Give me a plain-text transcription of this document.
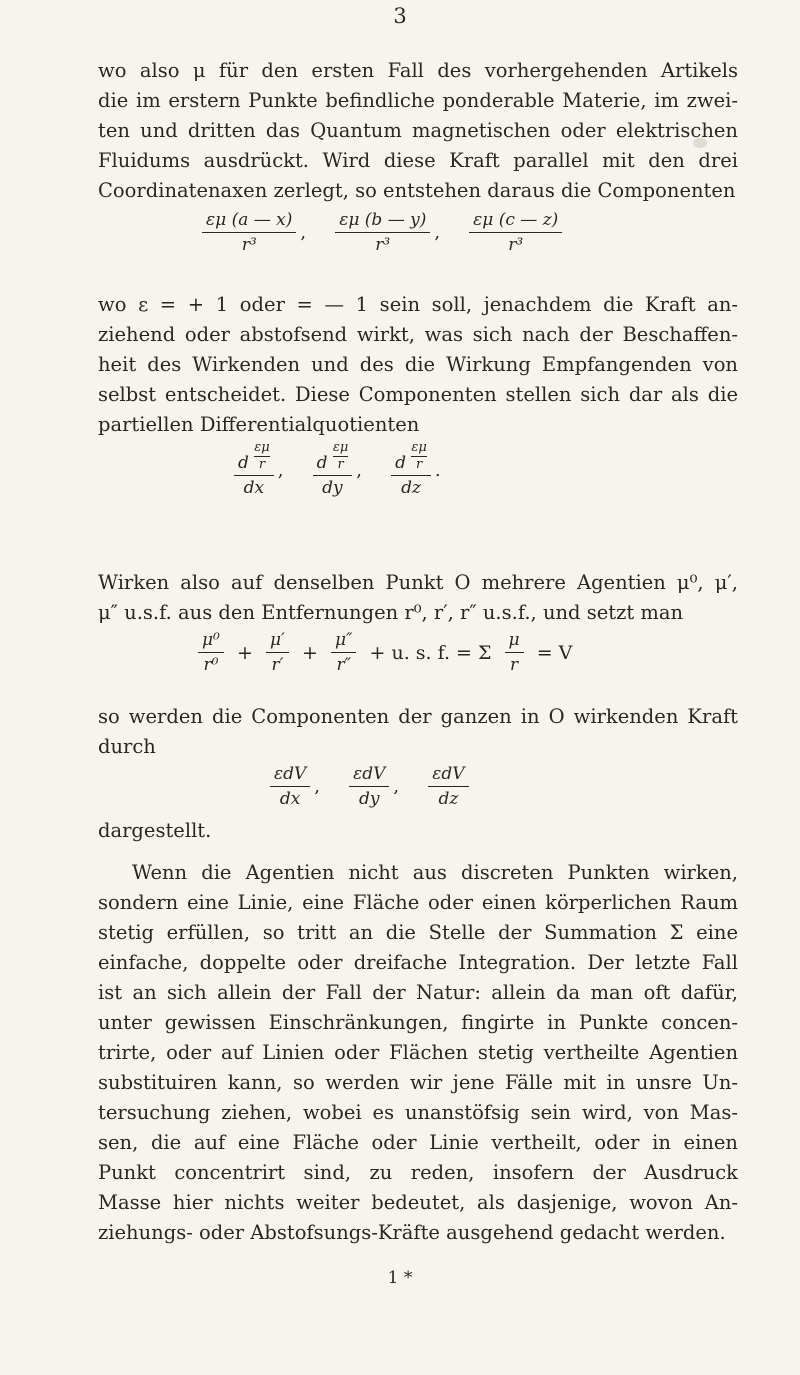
3
wo also μ für den ersten Fall des vorhergehenden Artikels
die im erstern Punkte befindliche ponderable Materie, im zwei-
ten und dritten das Quantum magnetischen oder elektrischen
Fluidums ausdrückt. Wird diese Kraft parallel mit den drei
Coordinatenaxen zerlegt, so entstehen daraus die Componenten
$\frac{\varepsilon\mu (a — x)}{\text{r³}}$ , $\frac{\varepsilon\mu (b — y)}{\text{r³}}$ , $\frac{\varepsilon\mu (c — z)}{\text{r³}}$
wo ε = + 1 oder = — 1 sein soll, jenachdem die Kraft an-
ziehend oder abstofsend wirkt, was sich nach der Beschaffen-
heit des Wirkenden und des die Wirkung Empfangenden von
selbst entscheidet. Diese Componenten stellen sich dar als die
partiellen Differentialquotienten
$\frac{d \frac{\varepsilon\mu}{r}}{dx}$ , $\frac{d \frac{\varepsilon\mu}{r}}{dy}$ , $\frac{d \frac{\varepsilon\mu}{r}}{dz}$ .
Wirken also auf denselben Punkt O mehrere Agentien μ⁰, μ′,
μ″ u.s.f. aus den Entfernungen r⁰, r′, r″ u.s.f., und setzt man
$\frac{\text{μ⁰}}{\text{r⁰}} + \frac{\mu'}{r'} + \frac{\mu''}{r''} + u$. s. f. = Σ $\frac{\mu}{r} = V$
so werden die Componenten der ganzen in O wirkenden Kraft
durch
$\frac{\text{εdV}}{dx}$ , $\frac{\text{εdV}}{dy}$ , $\frac{\text{εdV}}{dz}$
dargestellt.
Wenn die Agentien nicht aus discreten Punkten wirken,
sondern eine Linie, eine Fläche oder einen körperlichen Raum
stetig erfüllen, so tritt an die Stelle der Summation Σ eine
einfache, doppelte oder dreifache Integration. Der letzte Fall
ist an sich allein der Fall der Natur: allein da man oft dafür,
unter gewissen Einschränkungen, fingirte in Punkte concen-
trirte, oder auf Linien oder Flächen stetig vertheilte Agentien
substituiren kann, so werden wir jene Fälle mit in unsre Un-
tersuchung ziehen, wobei es unanstöfsig sein wird, von Mas-
sen, die auf eine Fläche oder Linie vertheilt, oder in einen
Punkt concentrirt sind, zu reden, insofern der Ausdruck
Masse hier nichts weiter bedeutet, als dasjenige, wovon An-
ziehungs- oder Abstofsungs-Kräfte ausgehend gedacht werden.
1 *
